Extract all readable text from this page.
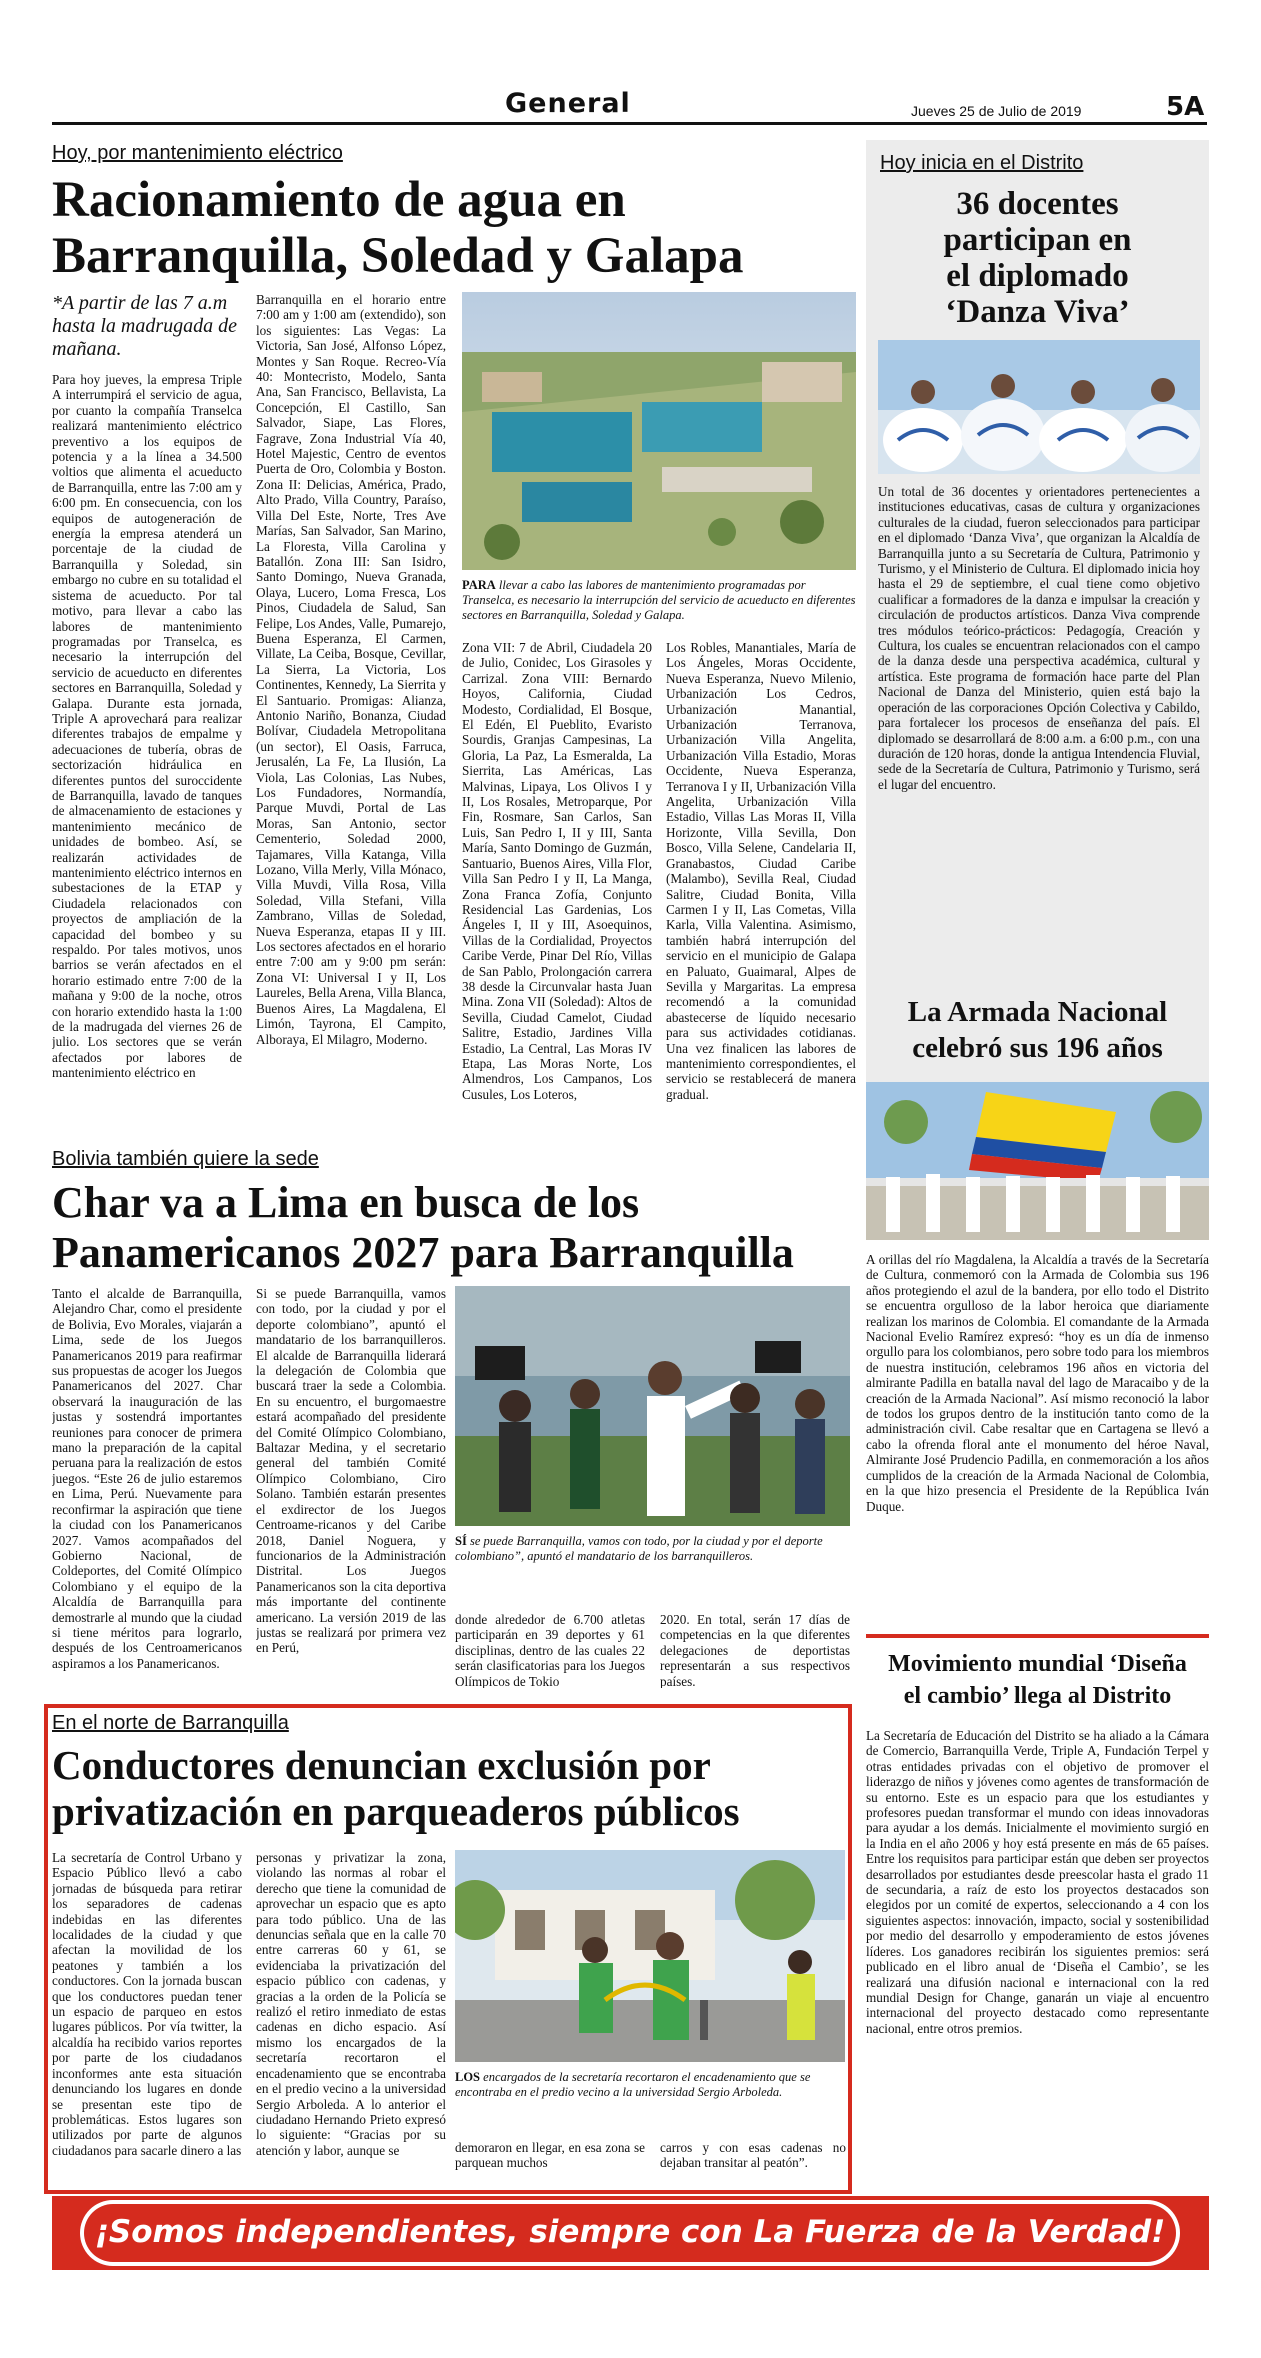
General	Jueves 25 de Julio de 2019	5A
Hoy, por mantenimiento eléctrico
Racionamiento de agua en
Barranquilla, Soledad y Galapa
*A partir de las 7 a.m hasta la madrugada de mañana.
Para hoy jueves, la empresa Triple A interrumpirá el servicio de agua, por cuanto la compañía Transelca realizará mantenimiento eléctrico preventivo a los equipos de potencia y a la línea a 34.500 voltios que alimenta el acueducto de Barranquilla, entre las 7:00 am y 6:00 pm. En consecuencia, con los equipos de autogeneración de energía la empresa atenderá un porcentaje de la ciudad de Barranquilla y Soledad, sin embargo no cubre en su totalidad el sistema de acueducto. Por tal motivo, para llevar a cabo las labores de mantenimiento programadas por Transelca, es necesario la interrupción del servicio de acueducto en diferentes sectores en Barranquilla, Soledad y Galapa. Durante esta jornada, Triple A aprovechará para realizar diferentes trabajos de empalme y adecuaciones de tubería, obras de sectorización hidráulica en diferentes puntos del suroccidente de Barranquilla, lavado de tanques de almacenamiento de estaciones y mantenimiento mecánico de unidades de bombeo. Así, se realizarán actividades de mantenimiento eléctrico internos en subestaciones de la ETAP y Ciudadela relacionados con proyectos de ampliación de la capacidad del bombeo y su respaldo. Por tales motivos, unos barrios se verán afectados en el horario estimado entre 7:00 de la mañana y 9:00 de la noche, otros con horario extendido hasta la 1:00 de la madrugada del viernes 26 de julio. Los sectores que se verán afectados por labores de mantenimiento eléctrico en
Barranquilla en el horario entre 7:00 am y 1:00 am (extendido), son los siguientes: Las Vegas: La Victoria, San José, Alfonso López, Montes y San Roque. Recreo-Vía 40: Montecristo, Modelo, Santa Ana, San Francisco, Bellavista, La Concepción, El Castillo, San Salvador, Siape, Las Flores, Fagrave, Zona Industrial Vía 40, Hotel Majestic, Centro de eventos Puerta de Oro, Colombia y Boston. Zona II: Delicias, América, Prado, Alto Prado, Villa Country, Paraíso, Villa Del Este, Norte, Tres Ave Marías, San Salvador, San Marino, La Floresta, Villa Carolina y Batallón. Zona III: San Isidro, Santo Domingo, Nueva Granada, Olaya, Lucero, Loma Fresca, Los Pinos, Ciudadela de Salud, San Felipe, Los Andes, Valle, Pumarejo, Buena Esperanza, El Carmen, Villate, La Ceiba, Bosque, Cevillar, La Sierra, La Victoria, Los Continentes, Kennedy, La Sierrita y El Santuario. Promigas: Alianza, Antonio Nariño, Bonanza, Ciudad Bolívar, Ciudadela Metropolitana (un sector), El Oasis, Farruca, Jerusalén, La Fe, La Ilusión, La Viola, Las Colonias, Las Nubes, Los Fundadores, Normandía, Parque Muvdi, Portal de Las Moras, San Antonio, sector Cementerio, Soledad 2000, Tajamares, Villa Katanga, Villa Lozano, Villa Merly, Villa Mónaco, Villa Muvdi, Villa Rosa, Villa Soledad, Villa Stefani, Villa Zambrano, Villas de Soledad, Nueva Esperanza, etapas II y III. Los sectores afectados en el horario entre 7:00 am y 9:00 pm serán: Zona VI: Universal I y II, Los Laureles, Bella Arena, Villa Blanca, Buenos Aires, La Magdalena, El Limón, Tayrona, El Campito, Alboraya, El Milagro, Moderno.
PARA llevar a cabo las labores de mantenimiento programadas por Transelca, es necesario la interrupción del servicio de acueducto en diferentes sectores en Barranquilla, Soledad y Galapa.
Zona VII: 7 de Abril, Ciudadela 20 de Julio, Conidec, Los Girasoles y Carrizal. Zona VIII: Bernardo Hoyos, California, Ciudad Modesto, Cordialidad, El Bosque, El Edén, El Pueblito, Evaristo Sourdis, Granjas Campesinas, La Gloria, La Paz, La Esmeralda, La Sierrita, Las Américas, Las Malvinas, Lipaya, Los Olivos I y II, Los Rosales, Metroparque, Por Fin, Rosmare, San Carlos, San Luis, San Pedro I, II y III, Santa María, Santo Domingo de Guzmán, Santuario, Buenos Aires, Villa Flor, Villa San Pedro I y II, La Manga, Zona Franca Zofía, Conjunto Residencial Las Gardenias, Los Ángeles I, II y III, Asoequinos, Villas de la Cordialidad, Proyectos Caribe Verde, Pinar Del Río, Villas de San Pablo, Prolongación carrera 38 desde la Circunvalar hasta Juan Mina. Zona VII (Soledad): Altos de Sevilla, Ciudad Camelot, Ciudad Salitre, Estadio, Jardines Villa Estadio, La Central, Las Moras IV Etapa, Las Moras Norte, Los Almendros, Los Campanos, Los Cusules, Los Loteros,
Los Robles, Manantiales, María de Los Ángeles, Moras Occidente, Nueva Esperanza, Nuevo Milenio, Urbanización Los Cedros, Urbanización Manantial, Urbanización Terranova, Urbanización Villa Angelita, Urbanización Villa Estadio, Moras Occidente, Nueva Esperanza, Terranova I y II, Urbanización Villa Angelita, Urbanización Villa Estadio, Villas Las Moras II, Villa Horizonte, Villa Sevilla, Don Bosco, Villa Selene, Candelaria II, Granabastos, Ciudad Caribe (Malambo), Sevilla Real, Ciudad Salitre, Ciudad Bonita, Villa Carmen I y II, Las Cometas, Villa Karla, Villa Valentina. Asimismo, también habrá interrupción del servicio en el municipio de Galapa en Paluato, Guaimaral, Alpes de Sevilla y Margaritas. La empresa recomendó a la comunidad abastecerse de líquido necesario para sus actividades cotidianas. Una vez finalicen las labores de mantenimiento correspondientes, el servicio se restablecerá de manera gradual.
Hoy inicia en el Distrito
36 docentes
participan en
el diplomado
‘Danza Viva’
Un total de 36 docentes y orientadores pertenecientes a instituciones educativas, casas de cultura y organizaciones culturales de la ciudad, fueron seleccionados para participar en el diplomado ‘Danza Viva’, que organizan la Alcaldía de Barranquilla junto a su Secretaría de Cultura, Patrimonio y Turismo, y el Ministerio de Cultura. El diplomado inicia hoy hasta el 29 de septiembre, el cual tiene como objetivo cualificar a formadores de la danza e impulsar la creación y circulación de productos artísticos. Danza Viva comprende tres módulos teórico-prácticos: Pedagogía, Creación y Cultura, los cuales se encuentran relacionados con el campo de la danza desde una perspectiva académica, cultural y artística. Este programa de formación hace parte del Plan Nacional de Danza del Ministerio, quien está bajo la operación de las corporaciones Opción Colectiva y Cabildo, para fortalecer los procesos de enseñanza del país. El diplomado se desarrollará de 8:00 a.m. a 6:00 p.m., con una duración de 120 horas, donde la antigua Intendencia Fluvial, sede de la Secretaría de Cultura, Patrimonio y Turismo, será el lugar del encuentro.
La Armada Nacional
celebró sus 196 años
A orillas del río Magdalena, la Alcaldía a través de la Secretaría de Cultura, conmemoró con la Armada de Colombia sus 196 años protegiendo el azul de la bandera, por ello todo el Distrito se encuentra orgulloso de la labor heroica que diariamente realizan los marinos de Colombia. El comandante de la Armada Nacional Evelio Ramírez expresó: “hoy es un día de inmenso orgullo para los colombianos, pero sobre todo para los miembros de nuestra institución, celebramos 196 años en victoria del almirante Padilla en batalla naval del lago de Maracaibo y de la creación de la Armada Nacional”. Así mismo reconoció la labor de todos los grupos dentro de la institución tanto como de la administración civil. Cabe resaltar que en Cartagena se llevó a cabo la ofrenda floral ante el monumento del héroe Naval, Almirante José Prudencio Padilla, en conmemoración a los años cumplidos de la creación de la Armada Nacional de Colombia, en la que hizo presencia el Presidente de la República Iván Duque.
Movimiento mundial ‘Diseña
el cambio’ llega al Distrito
La Secretaría de Educación del Distrito se ha aliado a la Cámara de Comercio, Barranquilla Verde, Triple A, Fundación Terpel y otras entidades privadas con el objetivo de promover el liderazgo de niños y jóvenes como agentes de transformación de su entorno. Este es un espacio para que los estudiantes y profesores puedan transformar el mundo con ideas innovadoras para ayudar a los demás. Inicialmente el movimiento surgió en la India en el año 2006 y hoy está presente en más de 65 países. Entre los requisitos para participar están que deben ser proyectos desarrollados por estudiantes desde preescolar hasta el grado 11 de secundaria, a raíz de esto los proyectos destacados son elegidos por un comité de expertos, seleccionando a 4 con los siguientes aspectos: innovación, impacto, social y sostenibilidad por medio del desarrollo y empoderamiento de estos jóvenes líderes. Los ganadores recibirán los siguientes premios: será publicado en el libro anual de ‘Diseña el Cambio’, se les realizará una difusión nacional e internacional con la red mundial Design for Change, ganarán un viaje al encuentro internacional del proyecto destacado como representante nacional, entre otros premios.
Bolivia también quiere la sede
Char va a Lima en busca de los
Panamericanos 2027 para Barranquilla
Tanto el alcalde de Barranquilla, Alejandro Char, como el presidente de Bolivia, Evo Morales, viajarán a Lima, sede de los Juegos Panamericanos 2019 para reafirmar sus propuestas de acoger los Juegos Panamericanos del 2027. Char observará la inauguración de las justas y sostendrá importantes reuniones para conocer de primera mano la preparación de la capital peruana para la realización de estos juegos. “Este 26 de julio estaremos en Lima, Perú. Nuevamente para reconfirmar la aspiración que tiene la ciudad con los Panamericanos 2027. Vamos acompañados del Gobierno Nacional, de Coldeportes, del Comité Olímpico Colombiano y el equipo de la Alcaldía de Barranquilla para demostrarle al mundo que la ciudad si tiene méritos para lograrlo, después de los Centroamericanos aspiramos a los Panamericanos.
Si se puede Barranquilla, vamos con todo, por la ciudad y por el deporte colombiano”, apuntó el mandatario de los barranquilleros. El alcalde de Barranquilla liderará la delegación de Colombia que buscará traer la sede a Colombia. En su encuentro, el burgomaestre estará acompañado del presidente del Comité Olímpico Colombiano, Baltazar Medina, y el secretario general del también Comité Olímpico Colombiano, Ciro Solano. También estarán presentes el exdirector de los Juegos Centroame-ricanos y del Caribe 2018, Daniel Noguera, y funcionarios de la Administración Distrital. Los Juegos Panamericanos son la cita deportiva más importante del continente americano. La versión 2019 de las justas se realizará por primera vez en Perú,
SÍ se puede Barranquilla, vamos con todo, por la ciudad y por el deporte colombiano”, apuntó el mandatario de los barranquilleros.
donde alrededor de 6.700 atletas participarán en 39 deportes y 61 disciplinas, dentro de las cuales 22 serán clasificatorias para los Juegos Olímpicos de Tokio
2020. En total, serán 17 días de competencias en la que diferentes delegaciones de deportistas representarán a sus respectivos países.
En el norte de Barranquilla
Conductores denuncian exclusión por
privatización en parqueaderos públicos
La secretaría de Control Urbano y Espacio Público llevó a cabo jornadas de búsqueda para retirar los separadores de cadenas indebidas en las diferentes localidades de la ciudad y que afectan la movilidad de los peatones y también a los conductores. Con la jornada buscan que los conductores puedan tener un espacio de parqueo en estos lugares públicos. Por vía twitter, la alcaldía ha recibido varios reportes por parte de los ciudadanos inconformes ante esta situación denunciando los lugares en donde se presentan este tipo de problemáticas. Estos lugares son utilizados por parte de algunos ciudadanos para sacarle dinero a las
personas y privatizar la zona, violando las normas al robar el derecho que tiene la comunidad de aprovechar un espacio que es apto para todo público. Una de las denuncias señala que en la calle 70 entre carreras 60 y 61, se evidenciaba la privatización del espacio público con cadenas, y gracias a la orden de la Policía se realizó el retiro inmediato de estas cadenas en dicho espacio. Así mismo los encargados de la secretaría recortaron el encadenamiento que se encontraba en el predio vecino a la universidad Sergio Arboleda. A lo anterior el ciudadano Hernando Prieto expresó lo siguiente: “Gracias por su atención y labor, aunque se
LOS encargados de la secretaría recortaron el encadenamiento que se encontraba en el predio vecino a la universidad Sergio Arboleda.
demoraron en llegar, en esa zona se parquean muchos
carros y con esas cadenas no dejaban transitar al peatón”.
¡Somos independientes, siempre con La Fuerza de la Verdad!
